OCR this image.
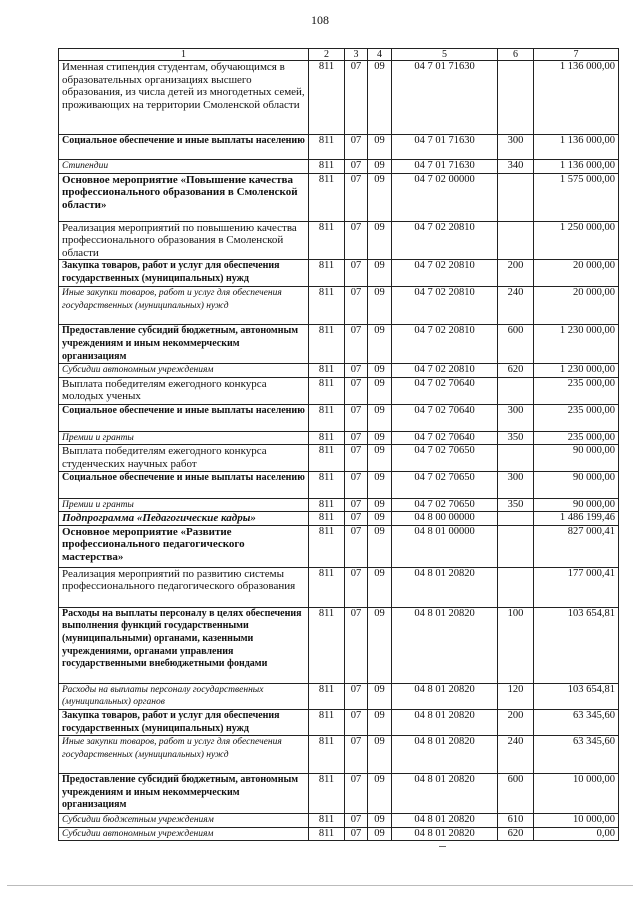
108
1	2	3	4	5	6	7
Именная стипендия студентам, обучающимся в образовательных организациях высшего образования, из числа детей из многодетных семей, проживающих на территории Смоленской области	811	07	09	04 7 01 71630		1 136 000,00
Социальное обеспечение и иные выплаты населению	811	07	09	04 7 01 71630	300	1 136 000,00
Стипендии	811	07	09	04 7 01 71630	340	1 136 000,00
Основное мероприятие «Повышение качества профессионального образования в Смоленской области»	811	07	09	04 7 02 00000		1 575 000,00
Реализация мероприятий по повышению качества профессионального образования в Смоленской области	811	07	09	04 7 02 20810		1 250 000,00
Закупка товаров, работ и услуг для обеспечения государственных (муниципальных) нужд	811	07	09	04 7 02 20810	200	20 000,00
Иные закупки товаров, работ и услуг для обеспечения государственных (муниципальных) нужд	811	07	09	04 7 02 20810	240	20 000,00
Предоставление субсидий бюджетным, автономным учреждениям и иным некоммерческим организациям	811	07	09	04 7 02 20810	600	1 230 000,00
Субсидии автономным учреждениям	811	07	09	04 7 02 20810	620	1 230 000,00
Выплата победителям ежегодного конкурса молодых ученых	811	07	09	04 7 02 70640		235 000,00
Социальное обеспечение и иные выплаты населению	811	07	09	04 7 02 70640	300	235 000,00
Премии и гранты	811	07	09	04 7 02 70640	350	235 000,00
Выплата победителям ежегодного конкурса студенческих научных работ	811	07	09	04 7 02 70650		90 000,00
Социальное обеспечение и иные выплаты населению	811	07	09	04 7 02 70650	300	90 000,00
Премии и гранты	811	07	09	04 7 02 70650	350	90 000,00
Подпрограмма «Педагогические кадры»	811	07	09	04 8 00 00000		1 486 199,46
Основное мероприятие «Развитие профессионального педагогического мастерства»	811	07	09	04 8 01 00000		827 000,41
Реализация мероприятий по развитию системы профессионального педагогического образования	811	07	09	04 8 01 20820		177 000,41
Расходы на выплаты персоналу в целях обеспечения выполнения функций государственными (муниципальными) органами, казенными учреждениями, органами управления государственными внебюджетными фондами	811	07	09	04 8 01 20820	100	103 654,81
Расходы на выплаты персоналу государственных (муниципальных) органов	811	07	09	04 8 01 20820	120	103 654,81
Закупка товаров, работ и услуг для обеспечения государственных (муниципальных) нужд	811	07	09	04 8 01 20820	200	63 345,60
Иные закупки товаров, работ и услуг для обеспечения государственных (муниципальных) нужд	811	07	09	04 8 01 20820	240	63 345,60
Предоставление субсидий бюджетным, автономным учреждениям и иным некоммерческим организациям	811	07	09	04 8 01 20820	600	10 000,00
Субсидии бюджетным учреждениям	811	07	09	04 8 01 20820	610	10 000,00
Субсидии автономным учреждениям	811	07	09	04 8 01 20820	620	0,00
